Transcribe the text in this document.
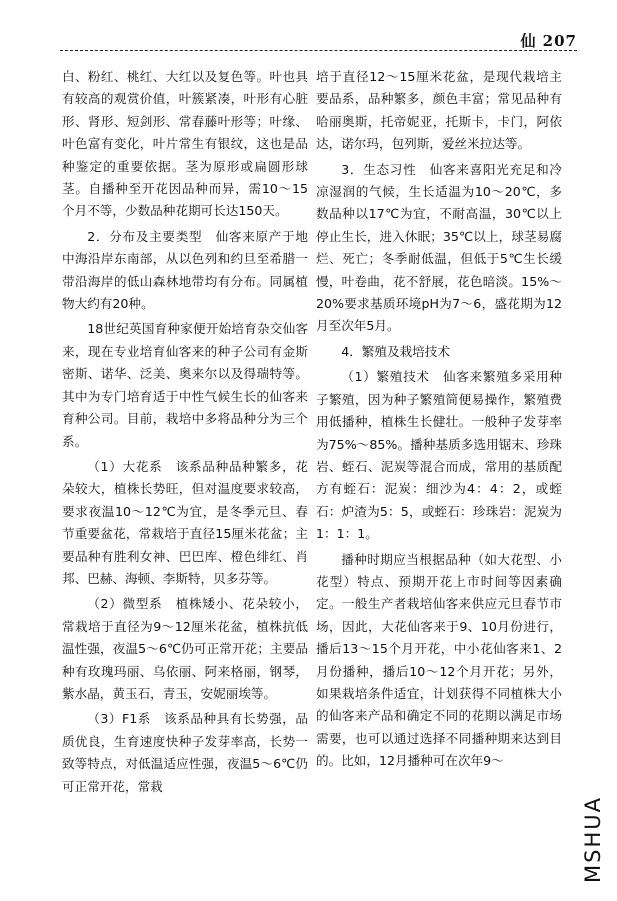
仙 207

白、粉红、桃红、大红以及复色等。叶也具有较高的观赏价值，叶簇紧凑，叶形有心脏形、肾形、短剑形、常春藤叶形等；叶缘、叶色富有变化，叶片常生有银纹，这也是品种鉴定的重要依据。茎为原形或扁圆形球茎。自播种至开花因品种而异，需10～15个月不等，少数品种花期可长达150天。

2．分布及主要类型　仙客来原产于地中海沿岸东南部，从以色列和约旦至希腊一带沿海岸的低山森林地带均有分布。同属植物大约有20种。

18世纪英国育种家便开始培育杂交仙客来，现在专业培育仙客来的种子公司有金斯密斯、诺华、泛美、奥来尔以及得瑞特等。其中为专门培育适于中性气候生长的仙客来育种公司。目前，栽培中多将品种分为三个系。

（1）大花系　该系品种品种繁多，花朵较大，植株长势旺，但对温度要求较高，要求夜温10～12℃为宜，是冬季元旦、春节重要盆花，常栽培于直径15厘米花盆；主要品种有胜利女神、巴巴库、橙色绯红、肖邦、巴赫、海顿、李斯特，贝多芬等。

（2）微型系　植株矮小、花朵较小，常栽培于直径为9～12厘米花盆，植株抗低温性强，夜温5～6℃仍可正常开花；主要品种有玫瑰玛丽、乌依丽、阿来格丽，钢琴，紫水晶，黄玉石，青玉，安妮丽埃等。

（3）F1系　该系品种具有长势强，品质优良，生育速度快种子发芽率高，长势一致等特点，对低温适应性强，夜温5～6℃仍可正常开花，常栽

培于直径12～15厘米花盆，是现代栽培主要品系，品种繁多，颜色丰富；常见品种有哈丽奥斯，托帝妮亚，托斯卡，卡门，阿依达，诺尔玛，包列斯，爱丝米拉达等。

3．生态习性　仙客来喜阳光充足和冷凉湿润的气候，生长适温为10～20℃，多数品种以17℃为宜，不耐高温，30℃以上停止生长，进入休眠；35℃以上，球茎易腐烂、死亡；冬季耐低温，但低于5℃生长缓慢，叶卷曲，花不舒展，花色暗淡。15%～20%要求基质环境pH为7～6，盛花期为12月至次年5月。

4．繁殖及栽培技术

（1）繁殖技术　仙客来繁殖多采用种子繁殖，因为种子繁殖简便易操作，繁殖费用低播种，植株生长健壮。一般种子发芽率为75%～85%。播种基质多选用锯末、珍珠岩、蛭石、泥炭等混合而成，常用的基质配方有蛭石：泥炭：细沙为4：4：2，或蛭石：炉渣为5：5，或蛭石：珍珠岩：泥炭为1：1：1。

播种时期应当根据品种（如大花型、小花型）特点、预期开花上市时间等因素确定。一般生产者栽培仙客来供应元旦春节市场，因此，大花仙客来于9、10月份进行，播后13～15个月开花，中小花仙客来1、2月份播种，播后10～12个月开花；另外，如果栽培条件适宜，计划获得不同植株大小的仙客来产品和确定不同的花期以满足市场需要，也可以通过选择不同播种期来达到目的。比如，12月播种可在次年9～

MSHUA
